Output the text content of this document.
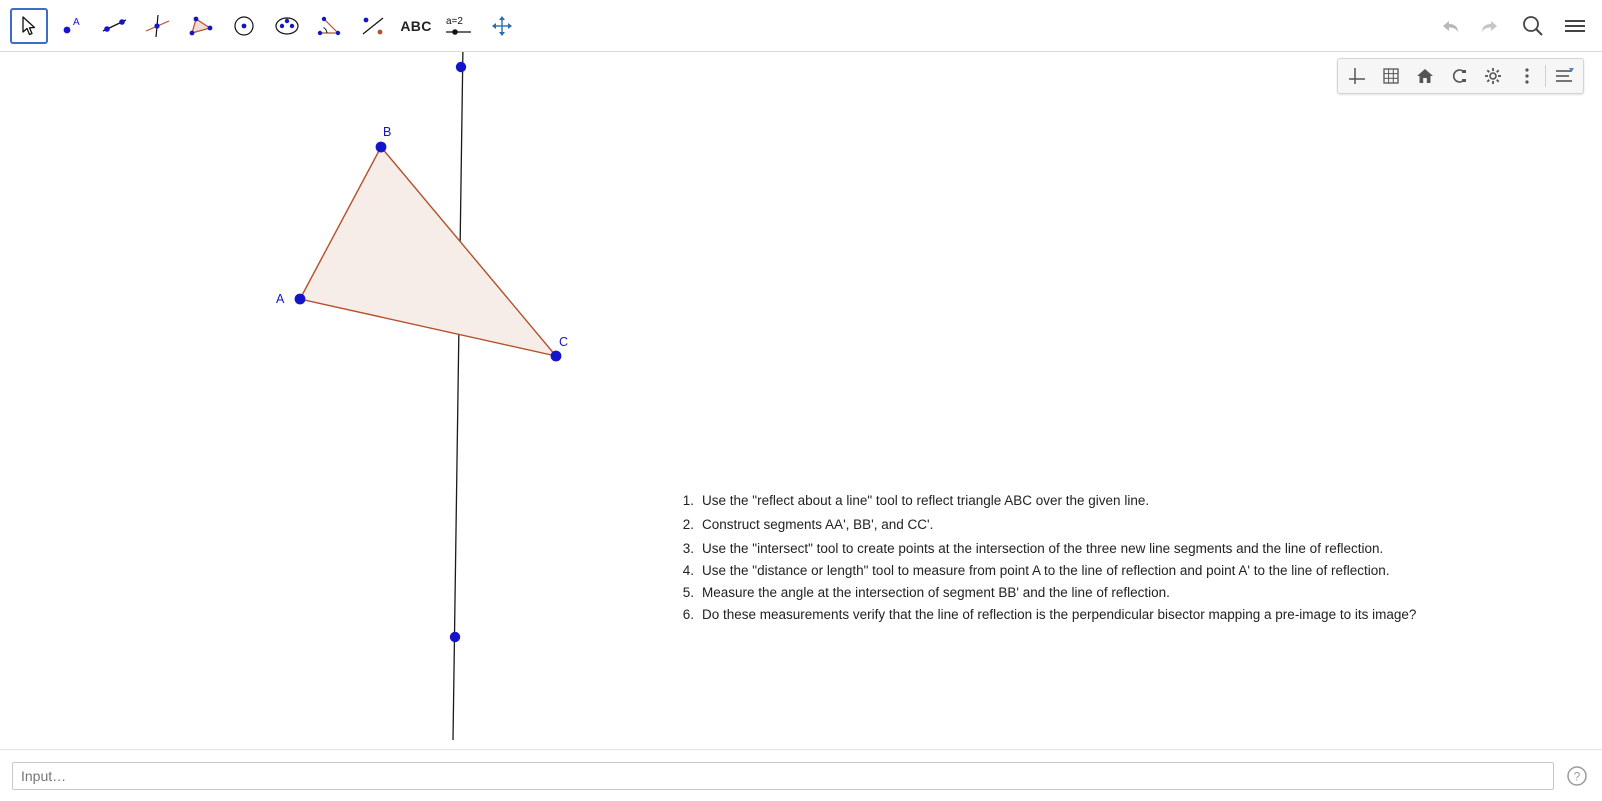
A	ABC a=2
A
B
C
1. Use the "reflect about a line" tool to reflect triangle ABC over the given line.
2. Construct segments AA', BB', and CC'.
3. Use the "intersect" tool to create points at the intersection of the three new line segments and the line of reflection.
4. Use the "distance or length" tool to measure from point A to the line of reflection and point A' to the line of reflection.
5. Measure the angle at the intersection of segment BB' and the line of reflection.
6. Do these measurements verify that the line of reflection is the perpendicular bisector mapping a pre-image to its image?
Input…
?
